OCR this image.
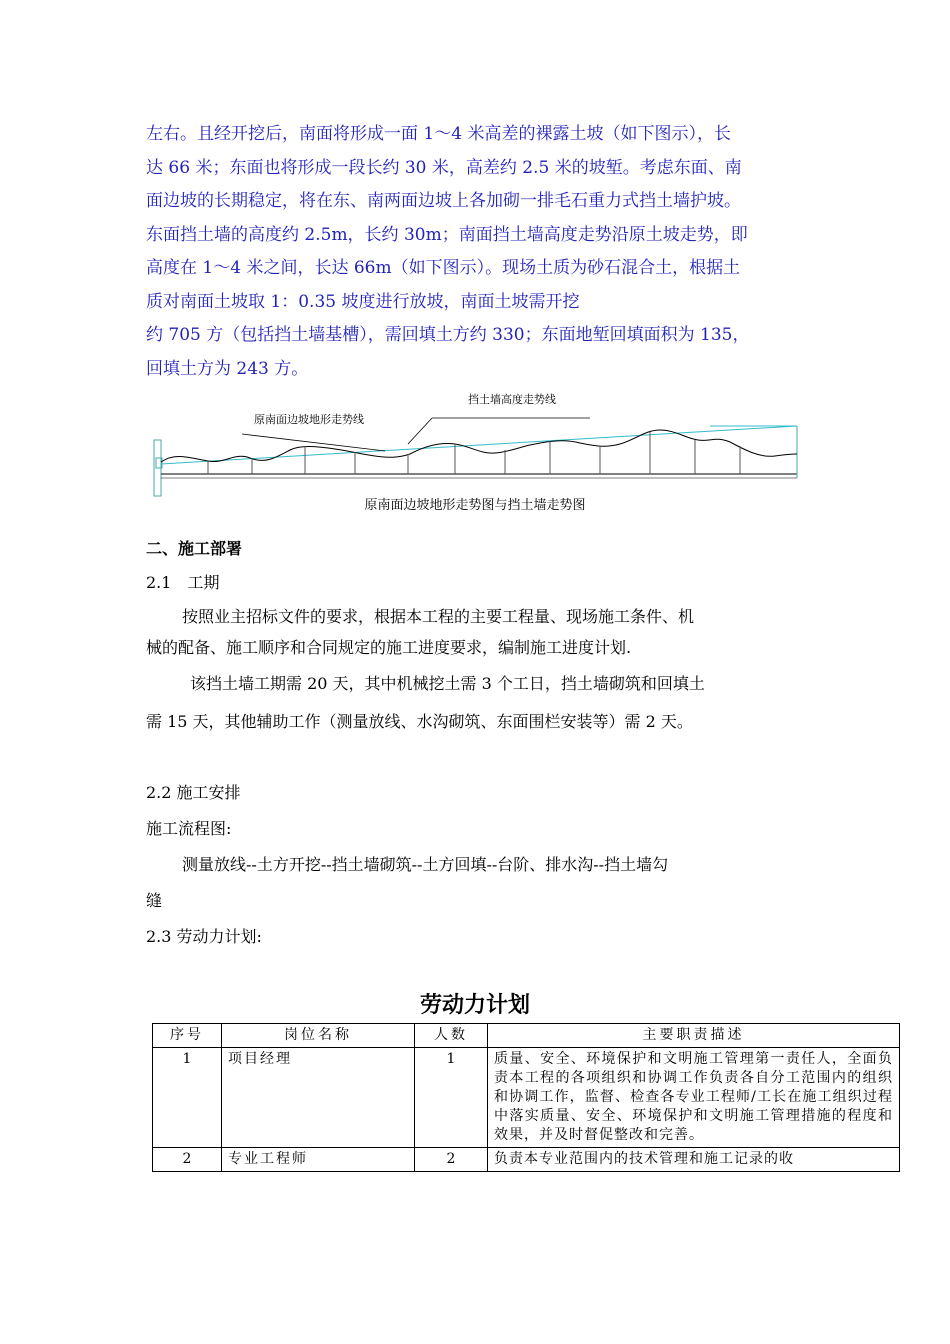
左右。且经开挖后，南面将形成一面 1～4 米高差的裸露土坡（如下图示），长
达 66 米；东面也将形成一段长约 30 米，高差约 2.5 米的坡堑。考虑东面、南
面边坡的长期稳定，将在东、南两面边坡上各加砌一排毛石重力式挡土墙护坡。
东面挡土墙的高度约 2.5m，长约 30m；南面挡土墙高度走势沿原土坡走势，即
高度在 1～4 米之间，长达 66m（如下图示）。现场土质为砂石混合土，根据土
质对南面土坡取 1：0.35 坡度进行放坡，南面土坡需开挖
约 705 方（包括挡土墙基槽），需回填土方约 330；东面地堑回填面积为 135，
回填土方为 243 方。
挡土墙高度走势线
原南面边坡地形走势线
原南面边坡地形走势图与挡土墙走势图
二、施工部署
2.1　工期
按照业主招标文件的要求，根据本工程的主要工程量、现场施工条件、机
械的配备、施工顺序和合同规定的施工进度要求，编制施工进度计划.
该挡土墙工期需 20 天，其中机械挖土需 3 个工日，挡土墙砌筑和回填土
需 15 天，其他辅助工作（测量放线、水沟砌筑、东面围栏安装等）需 2 天。
2.2 施工安排
施工流程图:
测量放线--土方开挖--挡土墙砌筑--土方回填--台阶、排水沟--挡土墙勾
缝
2.3 劳动力计划:
劳动力计划
序号	岗位名称	人数	主要职责描述
1	项目经理	1	质量、安全、环境保护和文明施工管理第一责任人，全面负责本工程的各项组织和协调工作负责各自分工范围内的组织和协调工作，监督、检查各专业工程师/工长在施工组织过程中落实质量、安全、环境保护和文明施工管理措施的程度和效果，并及时督促整改和完善。
2	专业工程师	2	负责本专业范围内的技术管理和施工记录的收
